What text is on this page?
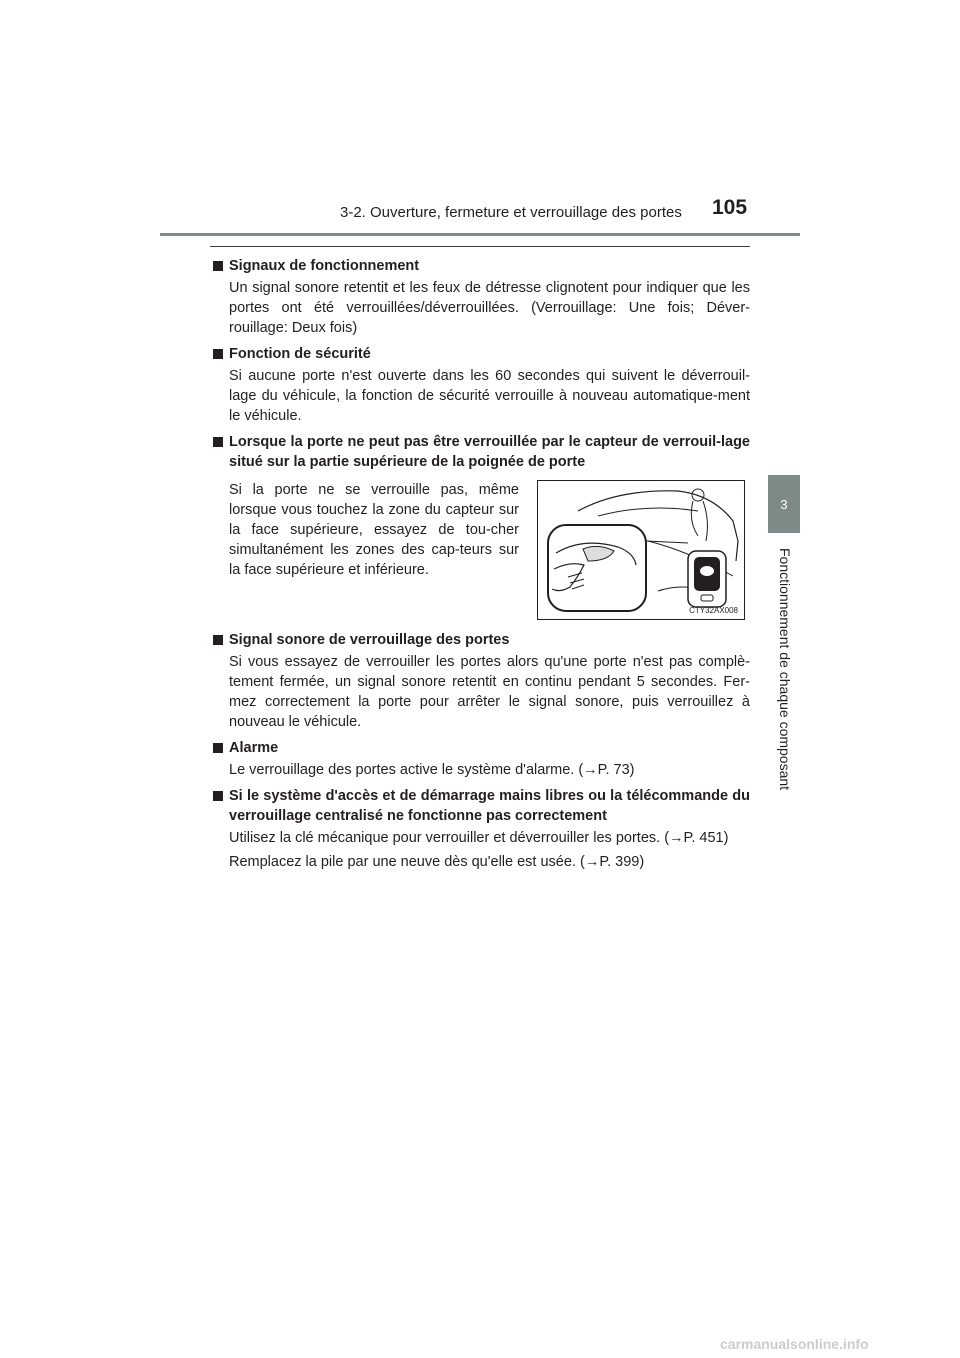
3-2. Ouverture, fermeture et verrouillage des portes 105
3
Fonctionnement de chaque composant
Signaux de fonctionnement

Un signal sonore retentit et les feux de détresse clignotent pour indiquer que les portes ont été verrouillées/déverrouillées. (Verrouillage: Une fois; Déver-rouillage: Deux fois)

Fonction de sécurité

Si aucune porte n'est ouverte dans les 60 secondes qui suivent le déverrouil-lage du véhicule, la fonction de sécurité verrouille à nouveau automatique-ment le véhicule.

Lorsque la porte ne peut pas être verrouillée par le capteur de verrouil-lage situé sur la partie supérieure de la poignée de porte
Si la porte ne se verrouille pas, même lorsque vous touchez la zone du capteur sur la face supérieure, essayez de tou-cher simultanément les zones des cap-teurs sur la face supérieure et inférieure.
CTY32AX008
Signal sonore de verrouillage des portes

Si vous essayez de verrouiller les portes alors qu'une porte n'est pas complè-tement fermée, un signal sonore retentit en continu pendant 5 secondes. Fer-mez correctement la porte pour arrêter le signal sonore, puis verrouillez à nouveau le véhicule.

Alarme

Le verrouillage des portes active le système d'alarme. (→P. 73)

Si le système d'accès et de démarrage mains libres ou la télécommande du verrouillage centralisé ne fonctionne pas correctement

Utilisez la clé mécanique pour verrouiller et déverrouiller les portes. (→P. 451)

Remplacez la pile par une neuve dès qu'elle est usée. (→P. 399)

carmanualsonline.info
